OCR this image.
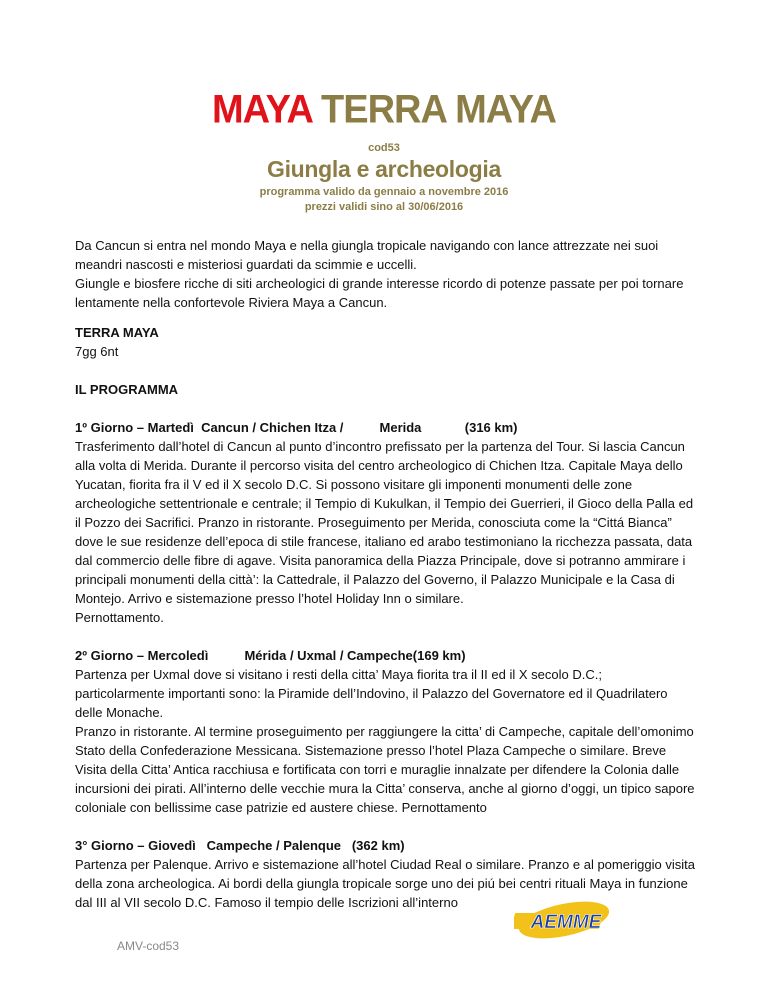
MAYA TERRA MAYA
cod53
Giungla e archeologia
programma valido da gennaio a novembre 2016
prezzi validi sino al 30/06/2016

Da Cancun si entra nel mondo Maya e nella giungla tropicale navigando con lance attrezzate nei suoi meandri nascosti e misteriosi guardati da scimmie e uccelli.

Giungle e biosfere ricche di siti archeologici di grande interesse ricordo di potenze passate per poi tornare lentamente nella confortevole Riviera Maya a Cancun.

TERRA MAYA

7gg 6nt

IL PROGRAMMA

1º Giorno – Martedì  Cancun / Chichen Itza /          Merida            (316 km)

Trasferimento dall’hotel di Cancun al punto d’incontro prefissato per la partenza del Tour. Si lascia Cancun alla volta di Merida. Durante il percorso visita del centro archeologico di Chichen Itza. Capitale Maya dello Yucatan, fiorita fra il V ed il X secolo D.C. Si possono visitare gli imponenti monumenti delle zone archeologiche settentrionale e centrale; il Tempio di Kukulkan, il Tempio dei Guerrieri, il Gioco della Palla ed il Pozzo dei Sacrifici. Pranzo in ristorante. Proseguimento per Merida, conosciuta come la “Cittá Bianca” dove le sue residenze dell’epoca di stile francese, italiano ed arabo testimoniano la ricchezza passata, data dal commercio delle fibre di agave. Visita panoramica della Piazza Principale, dove si potranno ammirare i principali monumenti della città’: la Cattedrale, il Palazzo del Governo, il Palazzo Municipale e la Casa di Montejo. Arrivo e sistemazione presso l’hotel Holiday Inn o similare.

Pernottamento.

2º Giorno – Mercoledì          Mérida / Uxmal / Campeche(169 km)

Partenza per Uxmal dove si visitano i resti della citta’ Maya fiorita tra il II ed il X secolo D.C.; particolarmente importanti sono: la Piramide dell’Indovino, il Palazzo del Governatore ed il Quadrilatero delle Monache.

Pranzo in ristorante. Al termine proseguimento per raggiungere la citta’ di Campeche, capitale dell’omonimo Stato della Confederazione Messicana. Sistemazione presso l’hotel Plaza Campeche o similare. Breve Visita della Citta’ Antica racchiusa e fortificata con torri e muraglie innalzate per difendere la Colonia dalle incursioni dei pirati. All’interno delle vecchie mura la Citta’ conserva, anche al giorno d’oggi, un tipico sapore coloniale con bellissime case patrizie ed austere chiese. Pernottamento

3° Giorno – Giovedì   Campeche / Palenque   (362 km)

Partenza per Palenque. Arrivo e sistemazione all’hotel Ciudad Real o similare. Pranzo e al pomeriggio visita della zona archeologica. Ai bordi della giungla tropicale sorge uno dei piú bei centri rituali Maya in funzione dal III al VII secolo D.C. Famoso il tempio delle Iscrizioni all’interno

AMV-cod53
AEMME
